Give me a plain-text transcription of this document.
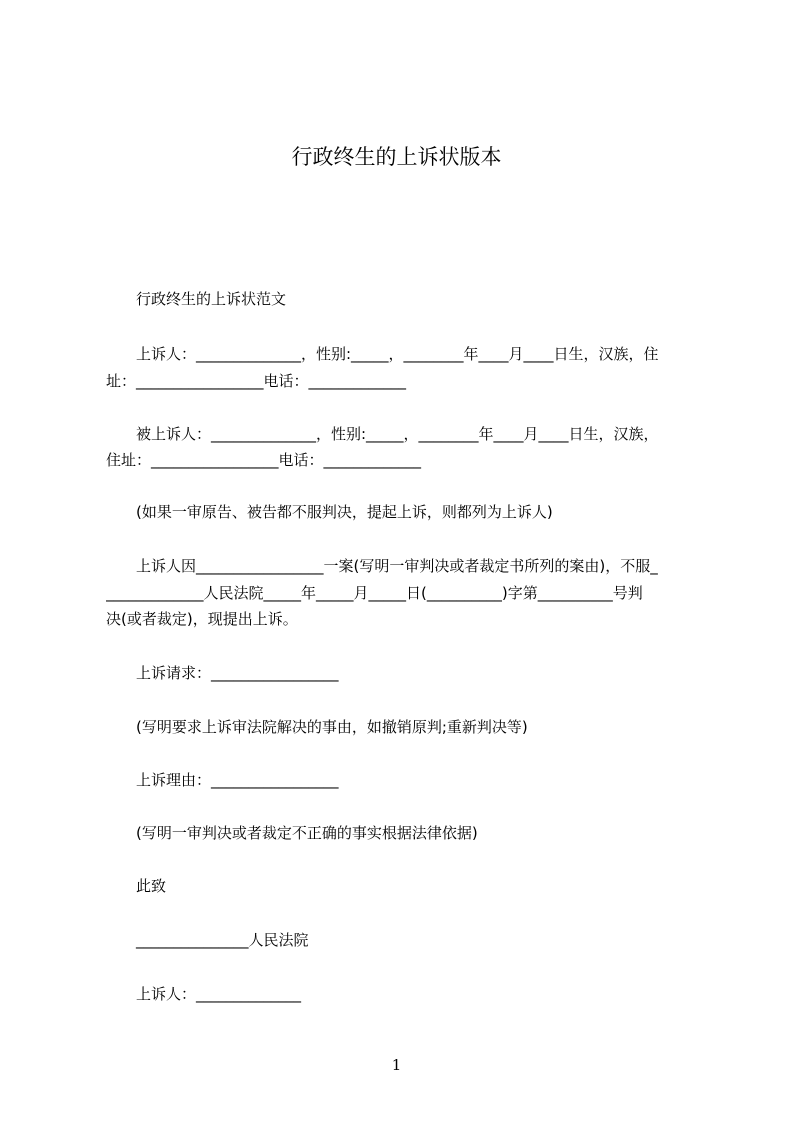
行政终生的上诉状版本
行政终生的上诉状范文
上诉人：______________，性别:_____，________年____月____日生，汉族，住
址：_________________电话：_____________
被上诉人：______________，性别:_____，________年____月____日生，汉族，
住址：_________________电话：_____________
(如果一审原告、被告都不服判决，提起上诉，则都列为上诉人)
上诉人因_________________一案(写明一审判决或者裁定书所列的案由)，不服_
_____________人民法院_____年_____月_____日(__________)字第__________号判
决(或者裁定)，现提出上诉。
上诉请求：_________________
(写明要求上诉审法院解决的事由，如撤销原判;重新判决等)
上诉理由：_________________
(写明一审判决或者裁定不正确的事实根据法律依据)
此致
_______________人民法院
上诉人：______________
1
